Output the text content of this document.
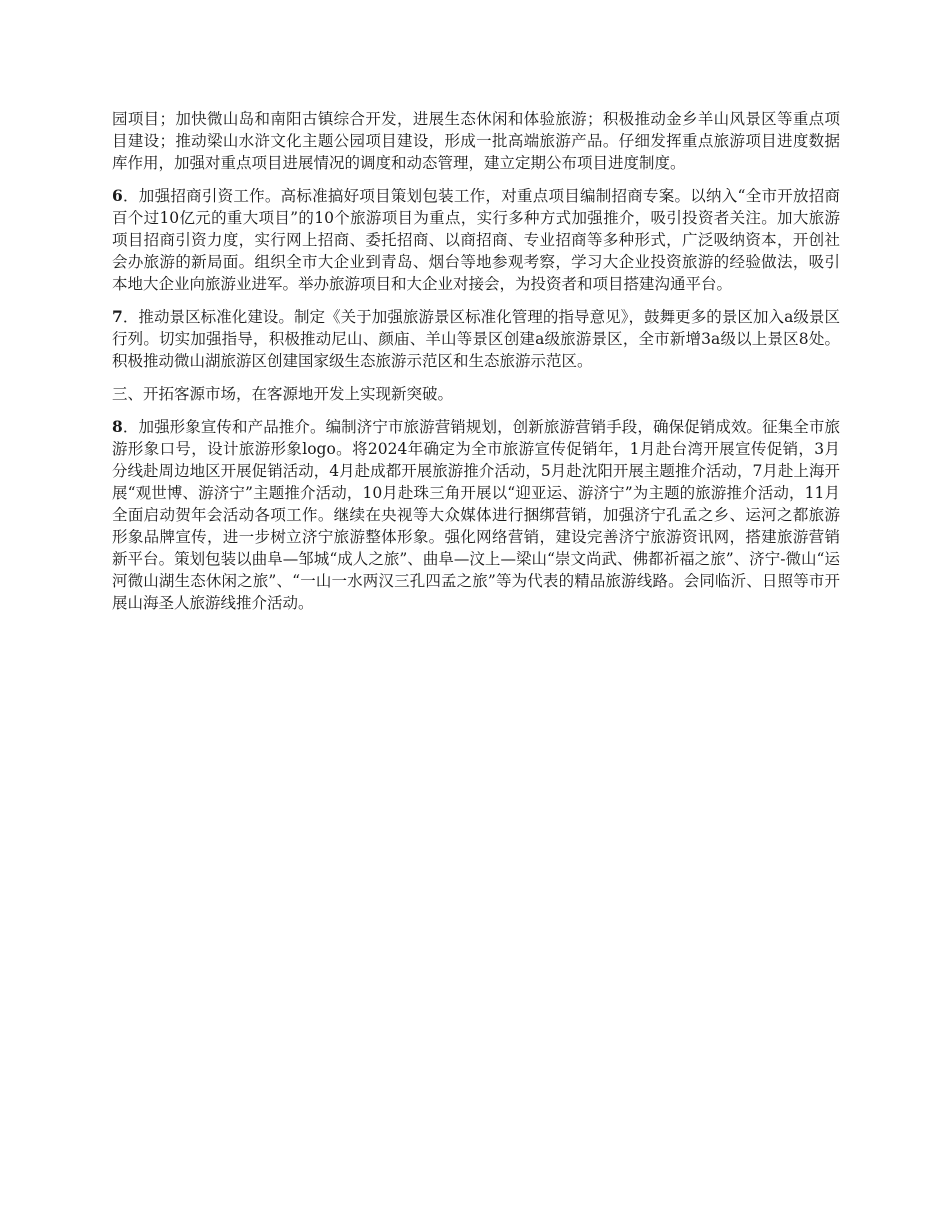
园项目；加快微山岛和南阳古镇综合开发，进展生态休闲和体验旅游；积极推动金乡羊山风景区等重点项目建设；推动梁山水浒文化主题公园项目建设，形成一批高端旅游产品。仔细发挥重点旅游项目进度数据库作用，加强对重点项目进展情况的调度和动态管理，建立定期公布项目进度制度。

6．加强招商引资工作。高标准搞好项目策划包装工作，对重点项目编制招商专案。以纳入“全市开放招商百个过10亿元的重大项目”的10个旅游项目为重点，实行多种方式加强推介，吸引投资者关注。加大旅游项目招商引资力度，实行网上招商、委托招商、以商招商、专业招商等多种形式，广泛吸纳资本，开创社会办旅游的新局面。组织全市大企业到青岛、烟台等地参观考察，学习大企业投资旅游的经验做法，吸引本地大企业向旅游业进军。举办旅游项目和大企业对接会，为投资者和项目搭建沟通平台。

7．推动景区标准化建设。制定《关于加强旅游景区标准化管理的指导意见》，鼓舞更多的景区加入a级景区行列。切实加强指导，积极推动尼山、颜庙、羊山等景区创建a级旅游景区，全市新增3a级以上景区8处。积极推动微山湖旅游区创建国家级生态旅游示范区和生态旅游示范区。

三、开拓客源市场，在客源地开发上实现新突破。

8．加强形象宣传和产品推介。编制济宁市旅游营销规划，创新旅游营销手段，确保促销成效。征集全市旅游形象口号，设计旅游形象logo。将2024年确定为全市旅游宣传促销年，1月赴台湾开展宣传促销，3月分线赴周边地区开展促销活动，4月赴成都开展旅游推介活动，5月赴沈阳开展主题推介活动，7月赴上海开展“观世博、游济宁”主题推介活动，10月赴珠三角开展以“迎亚运、游济宁”为主题的旅游推介活动，11月全面启动贺年会活动各项工作。继续在央视等大众媒体进行捆绑营销，加强济宁孔孟之乡、运河之都旅游形象品牌宣传，进一步树立济宁旅游整体形象。强化网络营销，建设完善济宁旅游资讯网，搭建旅游营销新平台。策划包装以曲阜—邹城“成人之旅”、曲阜—汶上—梁山“崇文尚武、佛都祈福之旅”、济宁-微山“运河微山湖生态休闲之旅”、“一山一水两汉三孔四孟之旅”等为代表的精品旅游线路。会同临沂、日照等市开展山海圣人旅游线推介活动。
